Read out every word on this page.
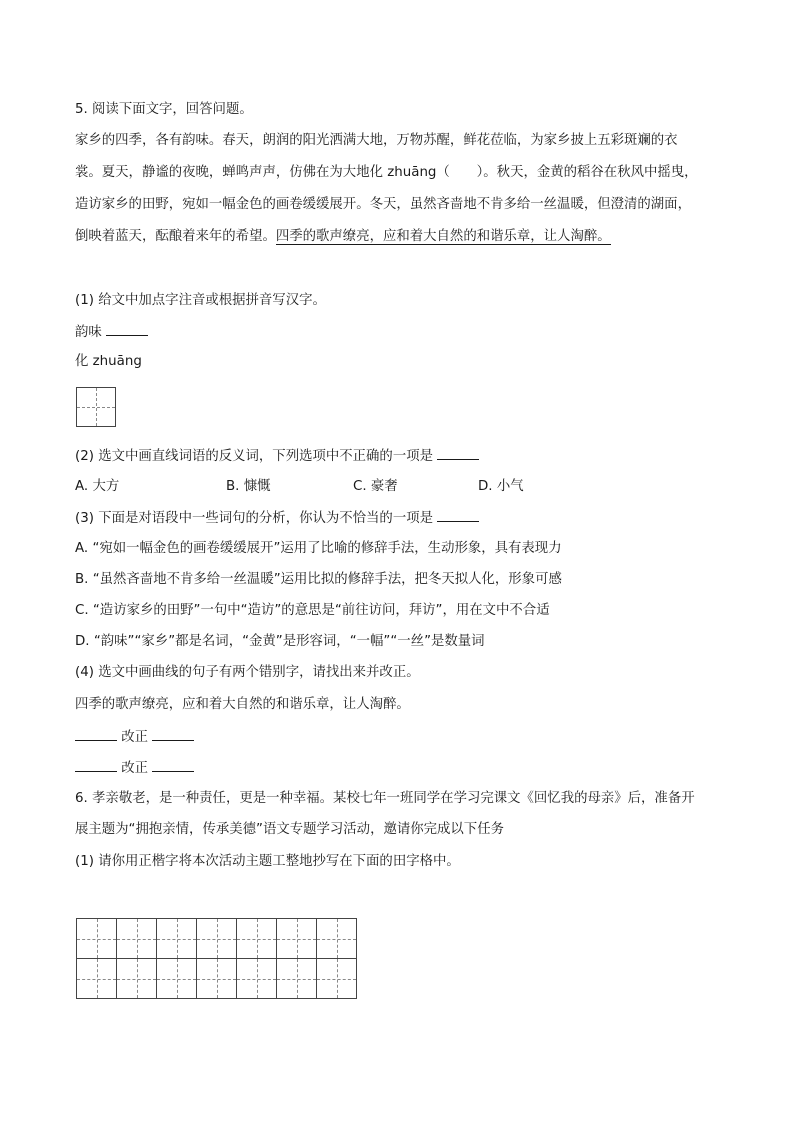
5. 阅读下面文字，回答问题。
家乡的四季，各有韵味。春天，朗润的阳光洒满大地，万物苏醒，鲜花莅临，为家乡披上五彩斑斓的衣
裳。夏天，静谧的夜晚，蝉鸣声声，仿佛在为大地化 zhuāng（　　）。秋天，金黄的稻谷在秋风中摇曳，
造访家乡的田野，宛如一幅金色的画卷缓缓展开。冬天，虽然吝啬地不肯多给一丝温暖，但澄清的湖面，
倒映着蓝天，酝酿着来年的希望。四季的歌声缭亮，应和着大自然的和谐乐章，让人淘醉。
(1) 给文中加点字注音或根据拼音写汉字。
韵味
化 zhuāng
(2) 选文中画直线词语的反义词，下列选项中不正确的一项是
A. 大方	B. 慷慨	C. 豪奢	D. 小气
(3) 下面是对语段中一些词句的分析，你认为不恰当的一项是
A. “宛如一幅金色的画卷缓缓展开”运用了比喻的修辞手法，生动形象，具有表现力
B. “虽然吝啬地不肯多给一丝温暖”运用比拟的修辞手法，把冬天拟人化，形象可感
C. “造访家乡的田野”一句中“造访”的意思是“前往访问，拜访”，用在文中不合适
D. “韵味”“家乡”都是名词，“金黄”是形容词，“一幅”“一丝”是数量词
(4) 选文中画曲线的句子有两个错别字，请找出来并改正。
四季的歌声缭亮，应和着大自然的和谐乐章，让人淘醉。
改正
改正
6. 孝亲敬老，是一种责任，更是一种幸福。某校七年一班同学在学习完课文《回忆我的母亲》后，准备开
展主题为“拥抱亲情，传承美德”语文专题学习活动，邀请你完成以下任务
(1) 请你用正楷字将本次活动主题工整地抄写在下面的田字格中。
